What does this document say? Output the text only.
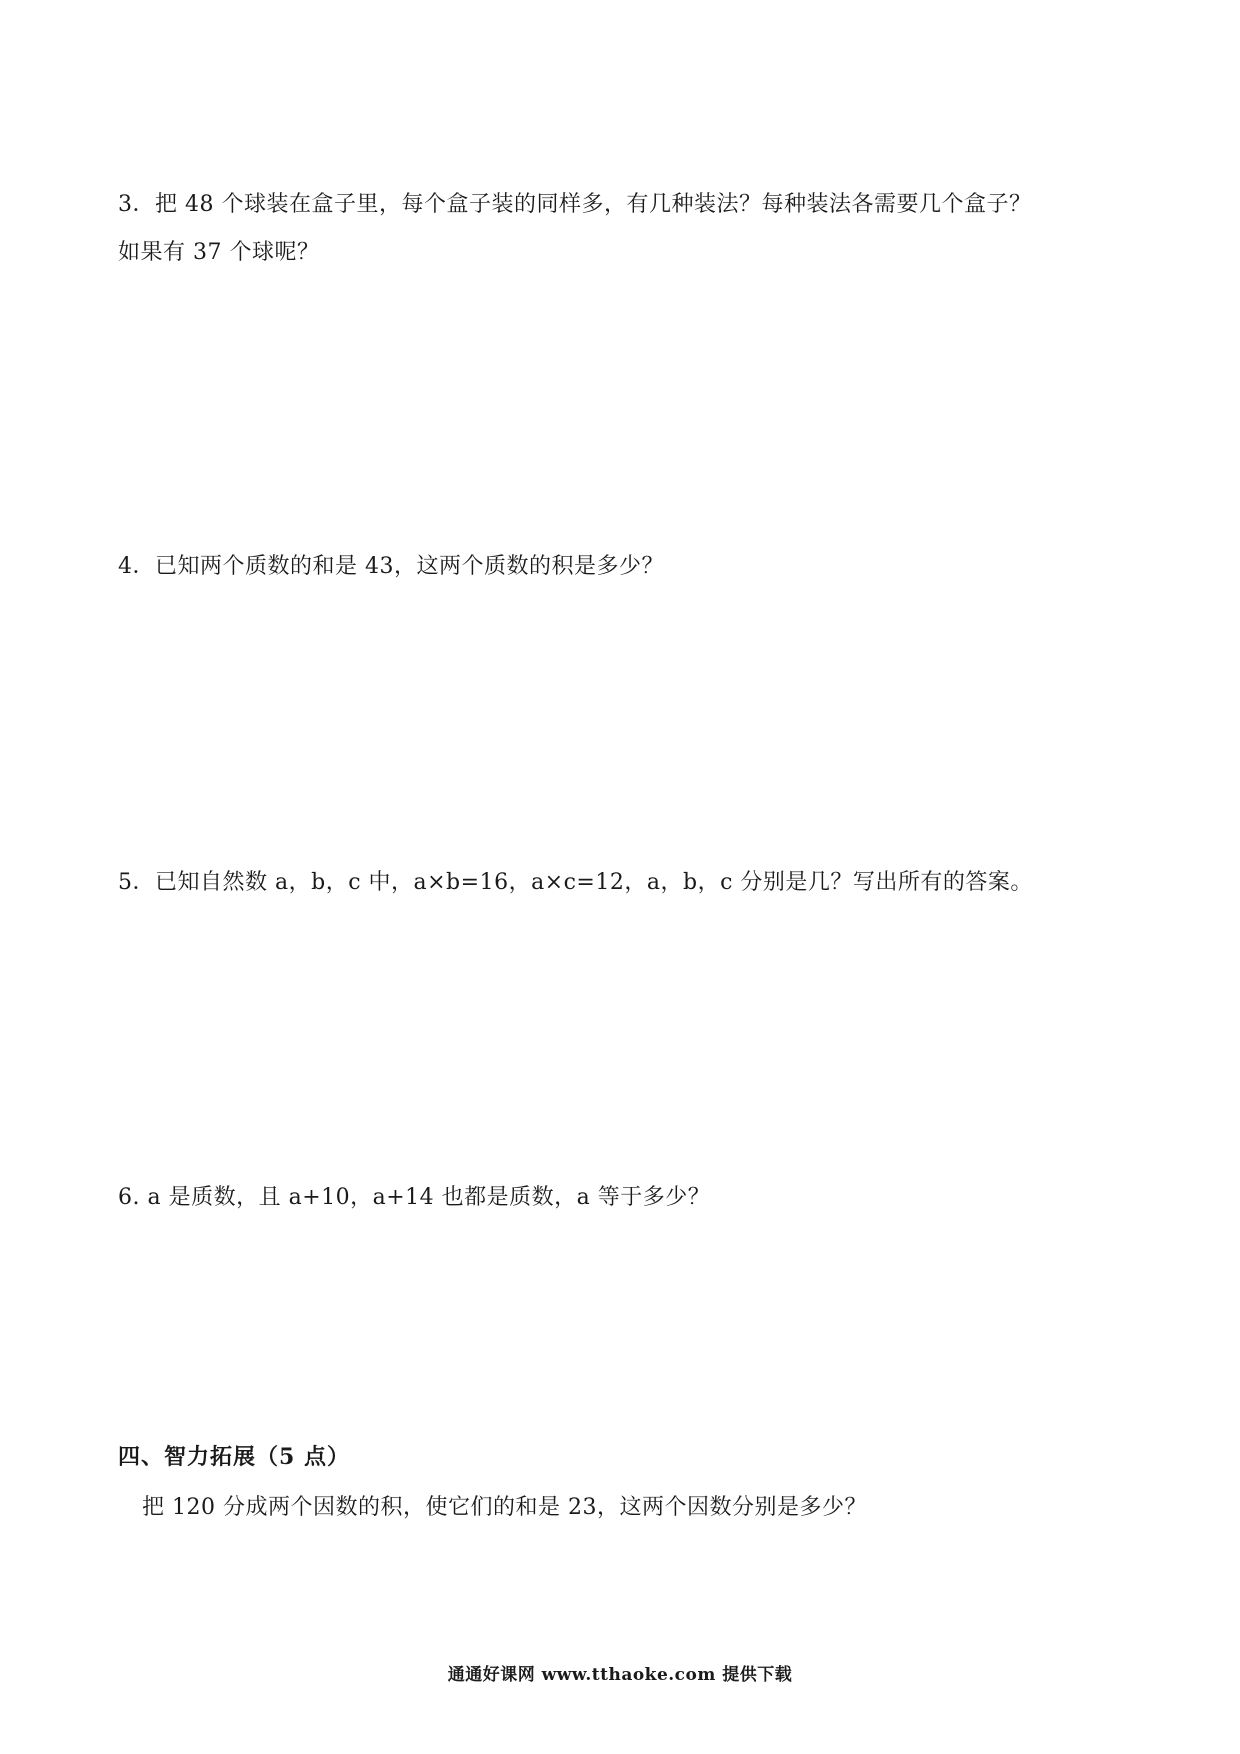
3．把 48 个球装在盒子里，每个盒子装的同样多，有几种装法？每种装法各需要几个盒子？
如果有 37 个球呢？
4．已知两个质数的和是 43，这两个质数的积是多少？
5．已知自然数 a，b，c 中，a×b=16，a×c=12，a，b，c 分别是几？写出所有的答案。
6. a 是质数，且 a+10，a+14 也都是质数，a 等于多少？
四、智力拓展（5 点）
把 120 分成两个因数的积，使它们的和是 23，这两个因数分别是多少？
通通好课网 www.tthaoke.com 提供下载
